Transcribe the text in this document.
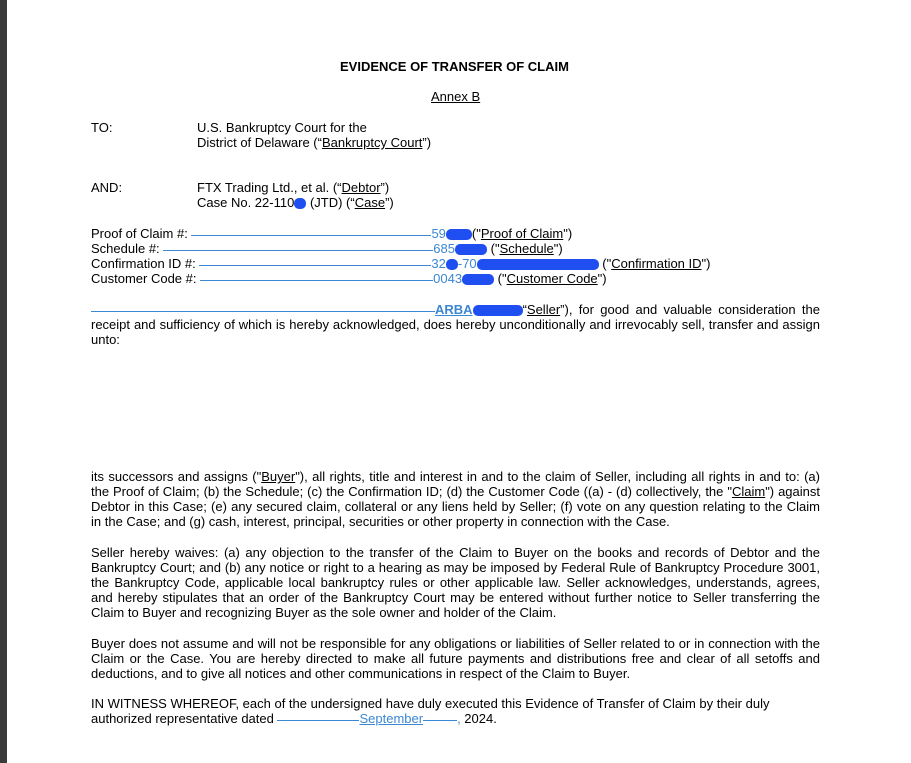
EVIDENCE OF TRANSFER OF CLAIM
Annex B
TO:	U.S. Bankruptcy Court for the
District of Delaware (“Bankruptcy Court”)
AND:	FTX Trading Ltd., et al. (“Debtor”)
Case No. 22-110 (JTD) (“Case”)
Proof of Claim #:	59 ("Proof of Claim")
Schedule #:	685 ("Schedule")
Confirmation ID #:	32 -70	("Confirmation ID")
Customer Code #:	0043 ("Customer Code")
ARBA	“Seller”), for good and valuable consideration the receipt and sufficiency of which is hereby acknowledged, does hereby unconditionally and irrevocably sell, transfer and assign unto:
its successors and assigns ("Buyer"), all rights, title and interest in and to the claim of Seller, including all rights in and to: (a) the Proof of Claim; (b) the Schedule; (c) the Confirmation ID; (d) the Customer Code ((a) - (d) collectively, the "Claim") against Debtor in this Case; (e) any secured claim, collateral or any liens held by Seller; (f) vote on any question relating to the Claim in the Case; and (g) cash, interest, principal, securities or other property in connection with the Case.
Seller hereby waives: (a) any objection to the transfer of the Claim to Buyer on the books and records of Debtor and the Bankruptcy Court; and (b) any notice or right to a hearing as may be imposed by Federal Rule of Bankruptcy Procedure 3001, the Bankruptcy Code, applicable local bankruptcy rules or other applicable law. Seller acknowledges, understands, agrees, and hereby stipulates that an order of the Bankruptcy Court may be entered without further notice to Seller transferring the Claim to Buyer and recognizing Buyer as the sole owner and holder of the Claim.
Buyer does not assume and will not be responsible for any obligations or liabilities of Seller related to or in connection with the Claim or the Case. You are hereby directed to make all future payments and distributions free and clear of all setoffs and deductions, and to give all notices and other communications in respect of the Claim to Buyer.
IN WITNESS WHEREOF, each of the undersigned have duly executed this Evidence of Transfer of Claim by their duly
authorized representative dated	September	, 2024.
